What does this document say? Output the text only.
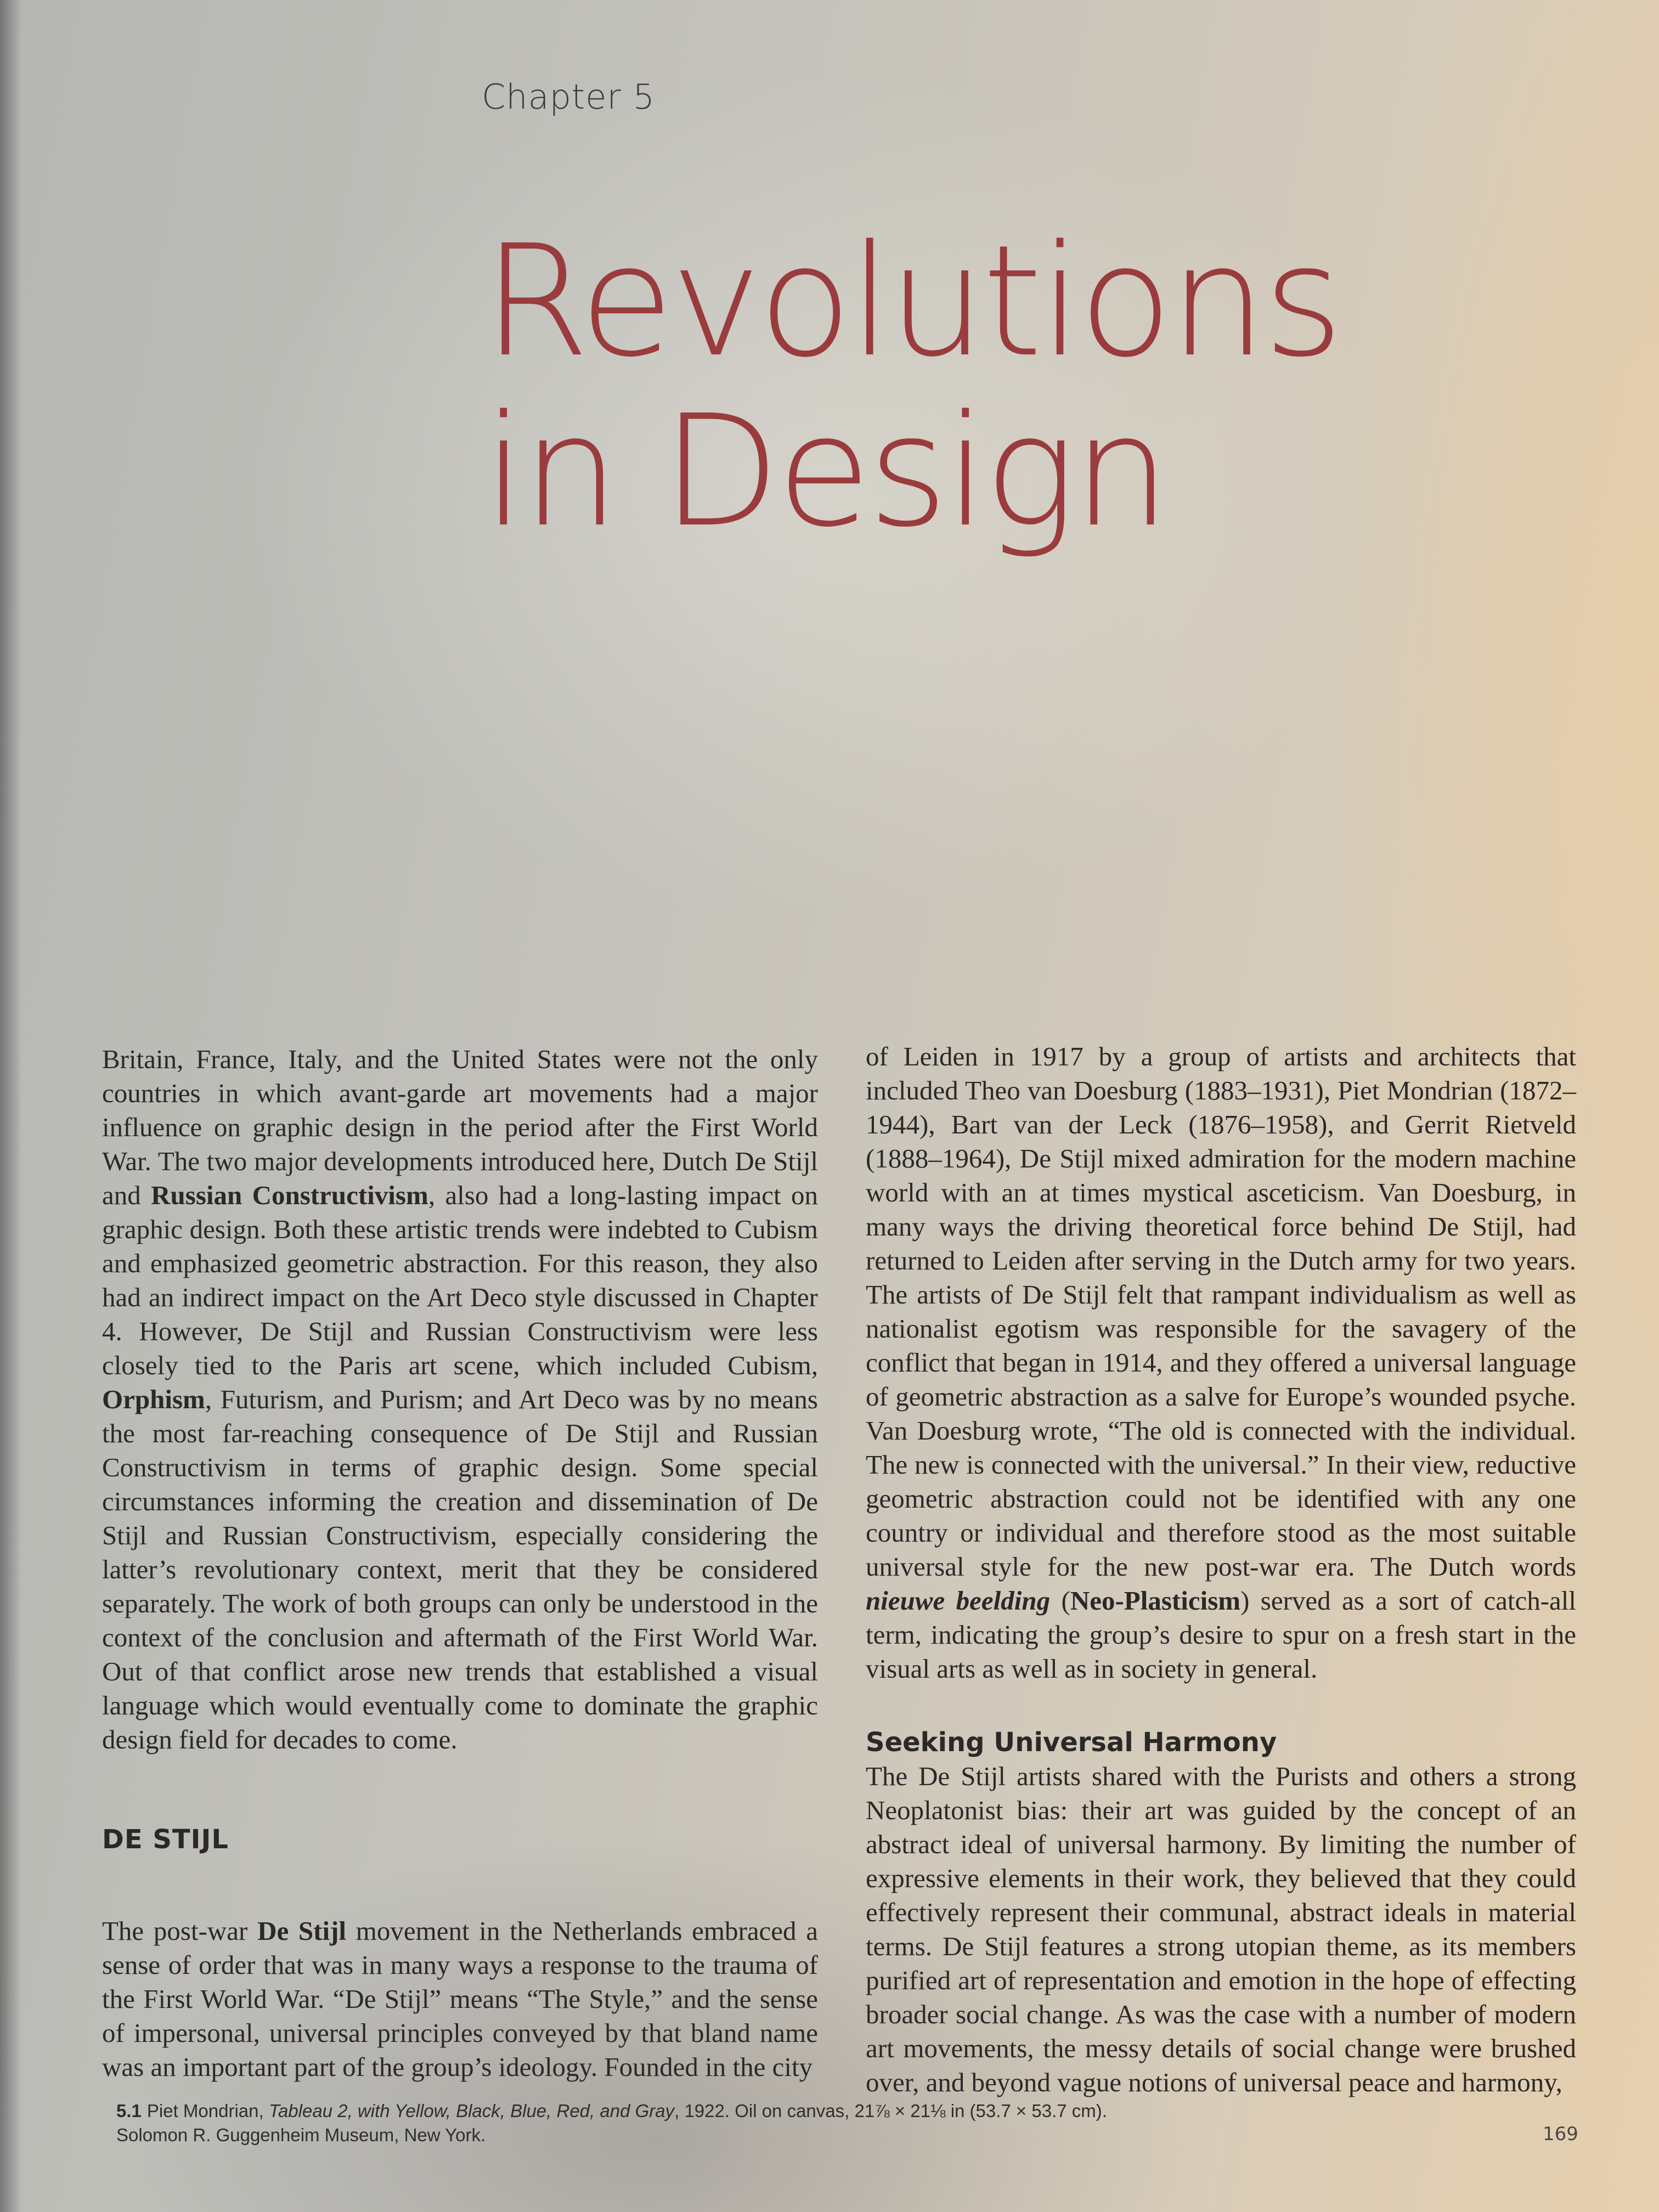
Chapter 5
Revolutions
in Design

Britain, France, Italy, and the United States were not the only countries in which avant-garde art movements had a major influence on graphic design in the period after the First World War. The two major developments introduced here, Dutch De Stijl and Russian Constructivism, also had a long-lasting impact on graphic design. Both these artistic trends were indebted to Cubism and emphasized geometric abstraction. For this reason, they also had an indirect impact on the Art Deco style discussed in Chapter 4. However, De Stijl and Russian Constructivism were less closely tied to the Paris art scene, which included Cubism, Orphism, Futurism, and Purism; and Art Deco was by no means the most far-reaching consequence of De Stijl and Russian Constructivism in terms of graphic design. Some special circumstances informing the creation and dissemination of De Stijl and Russian Constructivism, especially considering the latter’s revolutionary context, merit that they be considered separately. The work of both groups can only be understood in the context of the conclusion and aftermath of the First World War. Out of that conflict arose new trends that established a visual language which would eventually come to dominate the graphic design field for decades to come.

DE STIJL

The post-war De Stijl movement in the Netherlands embraced a sense of order that was in many ways a response to the trauma of the First World War. “De Stijl” means “The Style,” and the sense of impersonal, universal principles conveyed by that bland name was an important part of the group’s ideology. Founded in the city

of Leiden in 1917 by a group of artists and architects that included Theo van Doesburg (1883–1931), Piet Mondrian (1872–1944), Bart van der Leck (1876–1958), and Gerrit Rietveld (1888–1964), De Stijl mixed admiration for the modern machine world with an at times mystical asceticism. Van Doesburg, in many ways the driving theoretical force behind De Stijl, had returned to Leiden after serving in the Dutch army for two years. The artists of De Stijl felt that rampant individualism as well as nationalist egotism was responsible for the savagery of the conflict that began in 1914, and they offered a universal language of geometric abstraction as a salve for Europe’s wounded psyche. Van Doesburg wrote, “The old is connected with the individual. The new is connected with the universal.” In their view, reductive geometric abstraction could not be identified with any one country or individual and therefore stood as the most suitable universal style for the new post-war era. The Dutch words nieuwe beelding (Neo-Plasticism) served as a sort of catch-all term, indicating the group’s desire to spur on a fresh start in the visual arts as well as in society in general.

Seeking Universal Harmony

The De Stijl artists shared with the Purists and others a strong Neoplatonist bias: their art was guided by the concept of an abstract ideal of universal harmony. By limiting the number of expressive elements in their work, they believed that they could effectively represent their communal, abstract ideals in material terms. De Stijl features a strong utopian theme, as its members purified art of representation and emotion in the hope of effecting broader social change. As was the case with a number of modern art movements, the messy details of social change were brushed over, and beyond vague notions of universal peace and harmony,

5.1 Piet Mondrian, Tableau 2, with Yellow, Black, Blue, Red, and Gray, 1922. Oil on canvas, 21⅞ × 21⅛ in (53.7 × 53.7 cm).
Solomon R. Guggenheim Museum, New York.	169
